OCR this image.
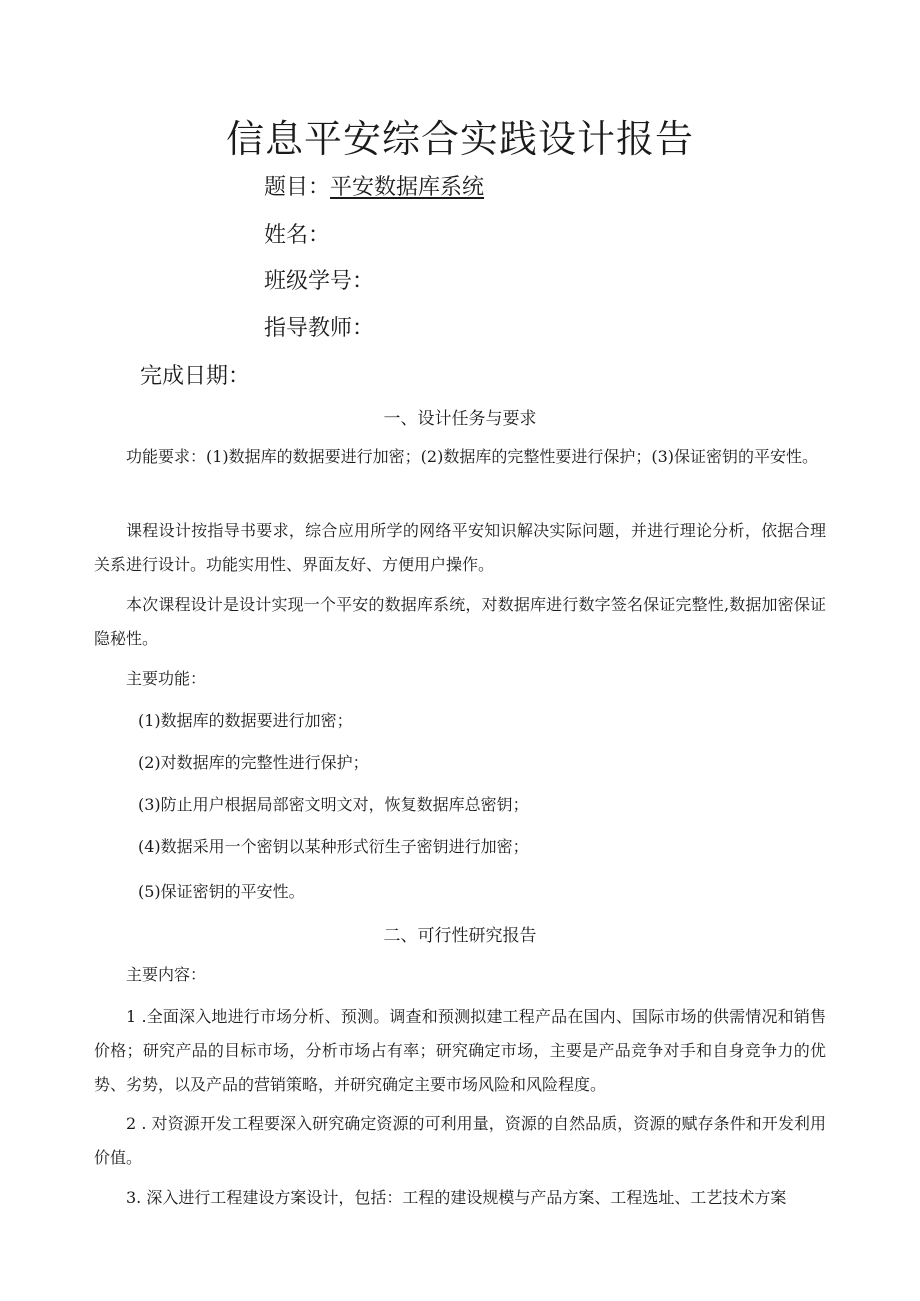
信息平安综合实践设计报告
题目：平安数据库系统
姓名：
班级学号：
指导教师：
完成日期：
一、设计任务与要求

功能要求：(1)数据库的数据要进行加密；(2)数据库的完整性要进行保护；(3)保证密钥的平安性。

课程设计按指导书要求，综合应用所学的网络平安知识解决实际问题，并进行理论分析，依据合理关系进行设计。功能实用性、界面友好、方便用户操作。

本次课程设计是设计实现一个平安的数据库系统，对数据库进行数字签名保证完整性,数据加密保证隐秘性。

主要功能：

(1)数据库的数据要进行加密；

(2)对数据库的完整性进行保护；

(3)防止用户根据局部密文明文对，恢复数据库总密钥；

(4)数据采用一个密钥以某种形式衍生子密钥进行加密；

(5)保证密钥的平安性。

二、可行性研究报告

主要内容：

1 .全面深入地进行市场分析、预测。调查和预测拟建工程产品在国内、国际市场的供需情况和销售价格；研究产品的目标市场，分析市场占有率；研究确定市场，主要是产品竞争对手和自身竞争力的优势、劣势，以及产品的营销策略，并研究确定主要市场风险和风险程度。

2 . 对资源开发工程要深入研究确定资源的可利用量，资源的自然品质，资源的赋存条件和开发利用价值。

3. 深入进行工程建设方案设计，包括：工程的建设规模与产品方案、工程选址、工艺技术方案
